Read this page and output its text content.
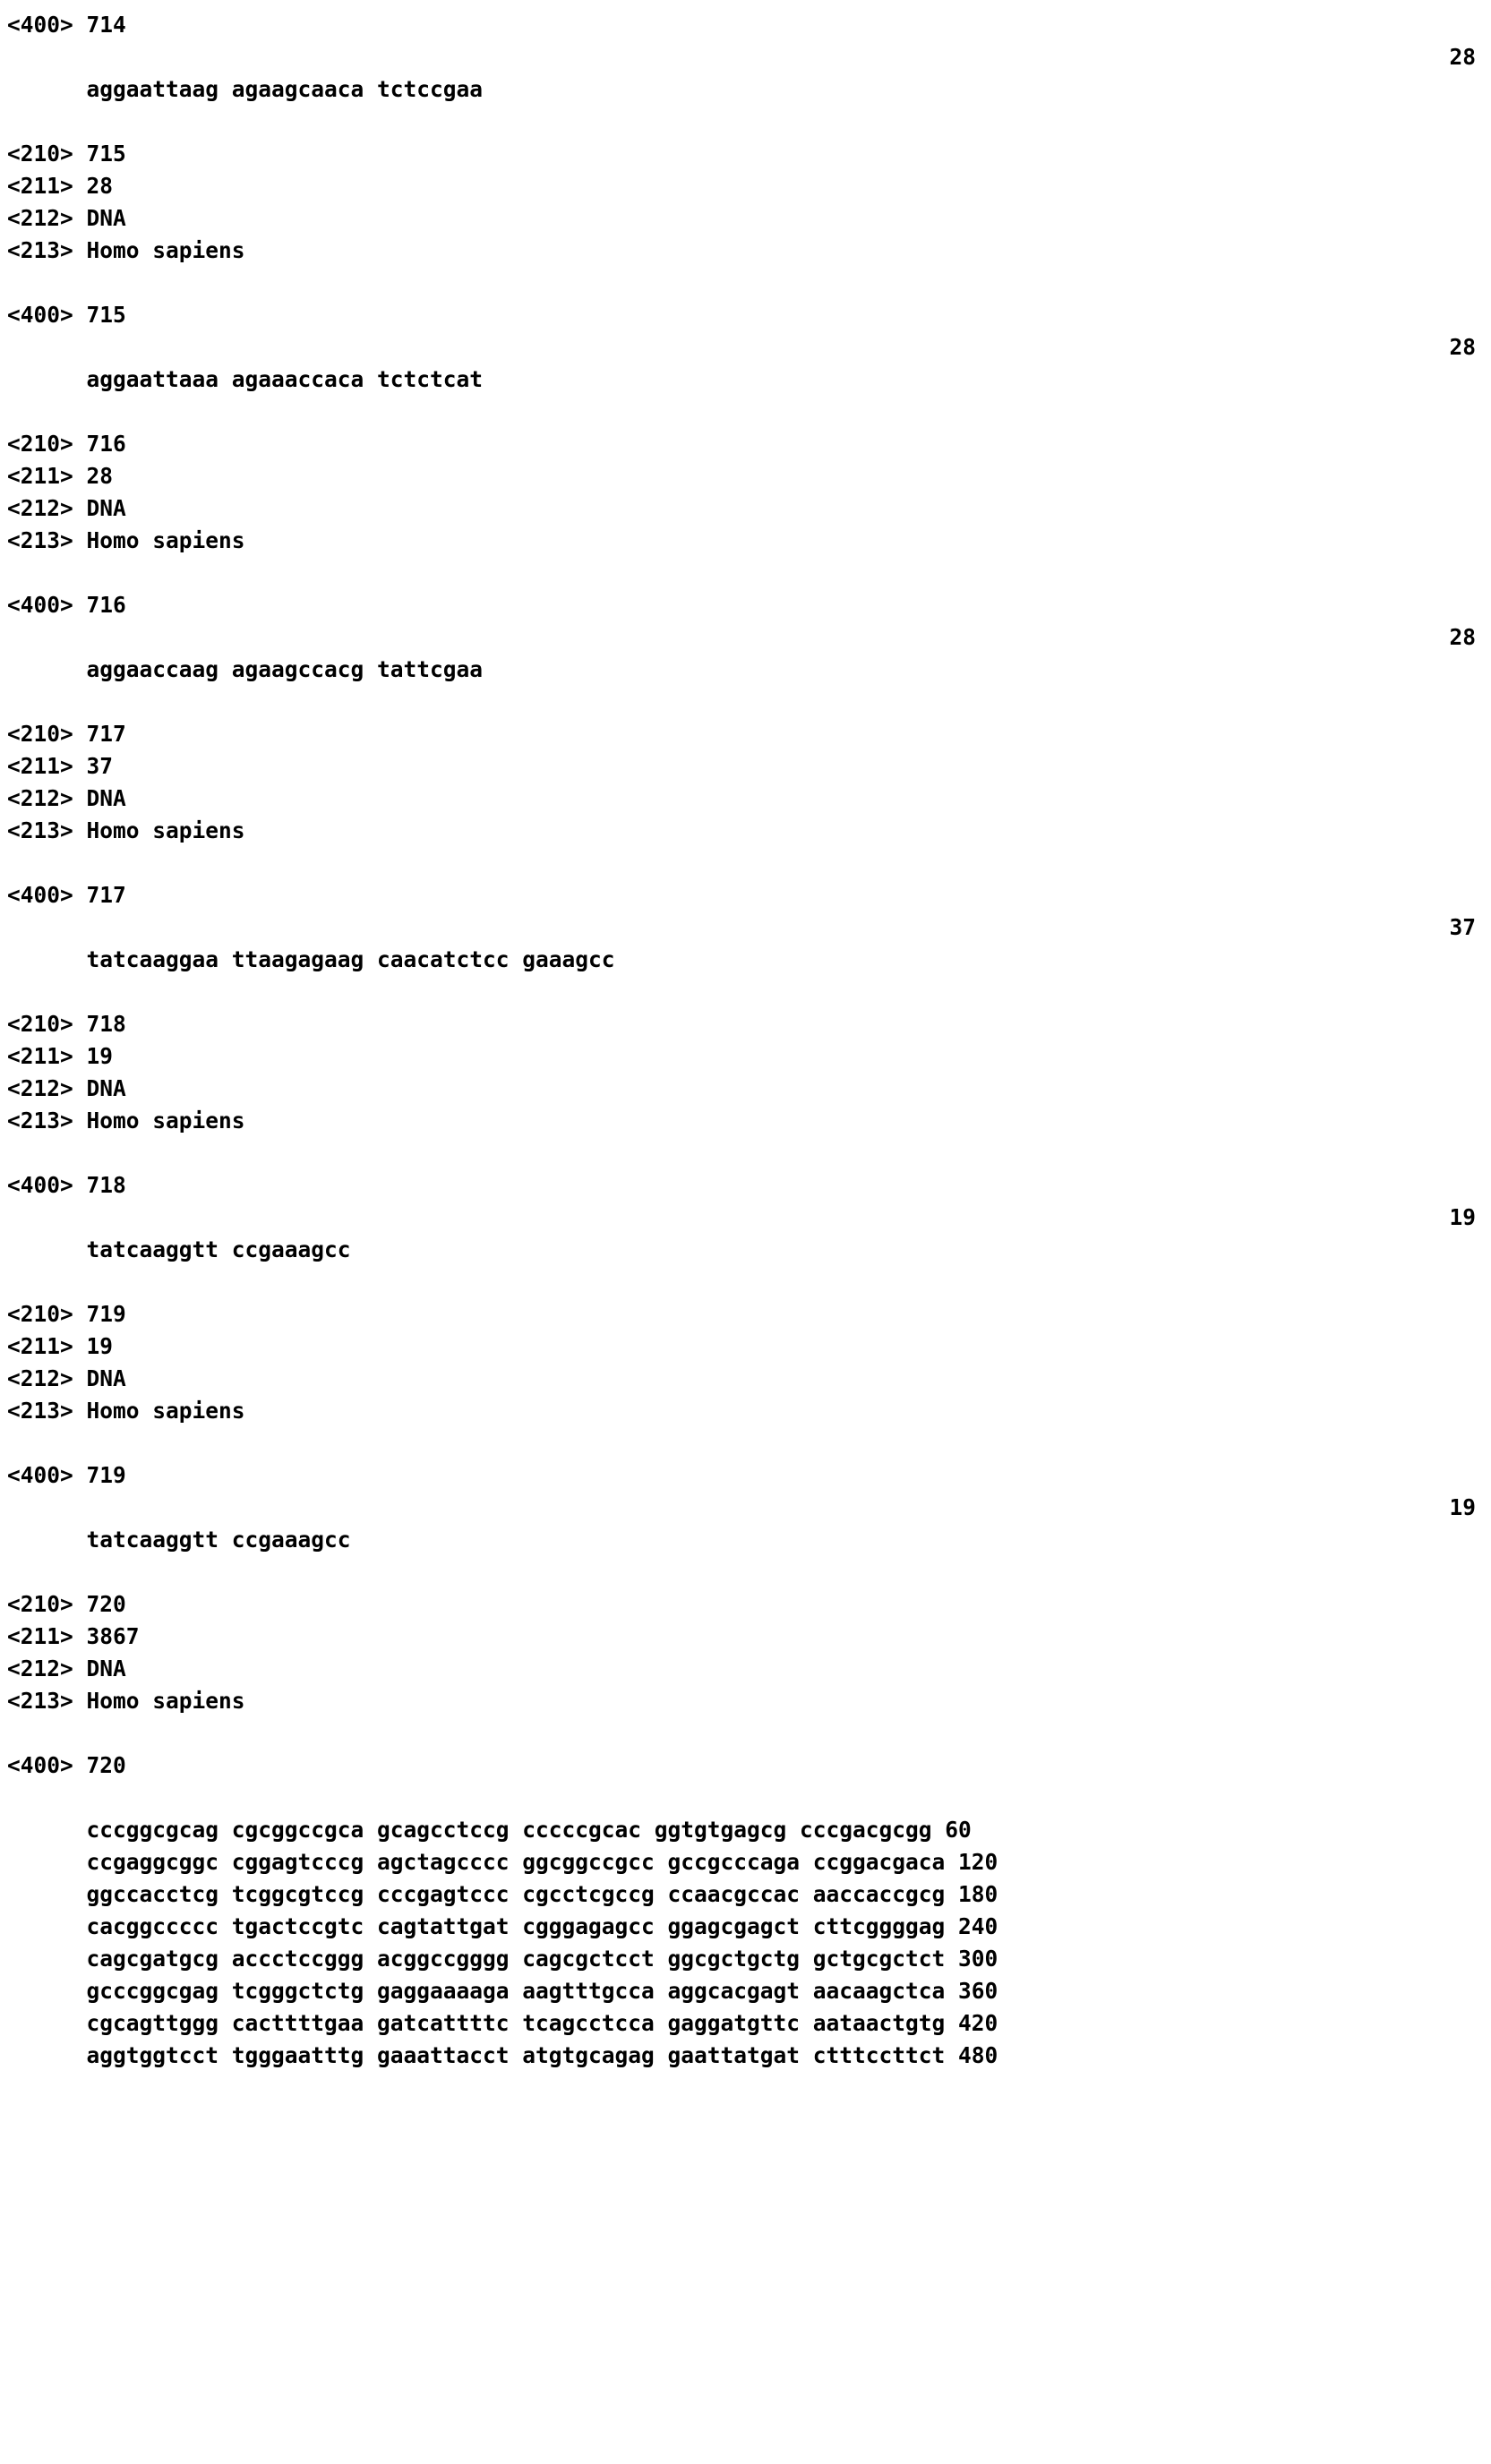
<400> 714

aggaattaag agaagcaaca tctccgaa

28

<210> 715
<211> 28
<212> DNA
<213> Homo sapiens
<400> 715

aggaattaaa agaaaccaca tctctcat

28

<210> 716
<211> 28
<212> DNA
<213> Homo sapiens
<400> 716

aggaaccaag agaagccacg tattcgaa

28

<210> 717
<211> 37
<212> DNA
<213> Homo sapiens
<400> 717

tatcaaggaa ttaagagaag caacatctcc gaaagcc

37

<210> 718
<211> 19
<212> DNA
<213> Homo sapiens
<400> 718

tatcaaggtt ccgaaagcc

19

<210> 719
<211> 19
<212> DNA
<213> Homo sapiens
<400> 719

tatcaaggtt ccgaaagcc

19

<210> 720
<211> 3867
<212> DNA
<213> Homo sapiens
<400> 720

cccggcgcag cgcggccgca gcagcctccg cccccgcac ggtgtgagcg cccgacgcgg 60

ccgaggcggc cggagtcccg agctagcccc ggcggccgcc gccgcccaga ccggacgaca 120

ggccacctcg tcggcgtccg cccgagtccc cgcctcgccg ccaacgccac aaccaccgcg 180

cacggccccc tgactccgtc cagtattgat cgggagagcc ggagcgagct cttcggggag 240

cagcgatgcg accctccggg acggccgggg cagcgctcct ggcgctgctg gctgcgctct 300

gcccggcgag tcgggctctg gaggaaaaga aagtttgcca aggcacgagt aacaagctca 360

cgcagttggg cacttttgaa gatcattttc tcagcctcca gaggatgttc aataactgtg 420

aggtggtcct tgggaatttg gaaattacct atgtgcagag gaattatgat ctttccttct 480
